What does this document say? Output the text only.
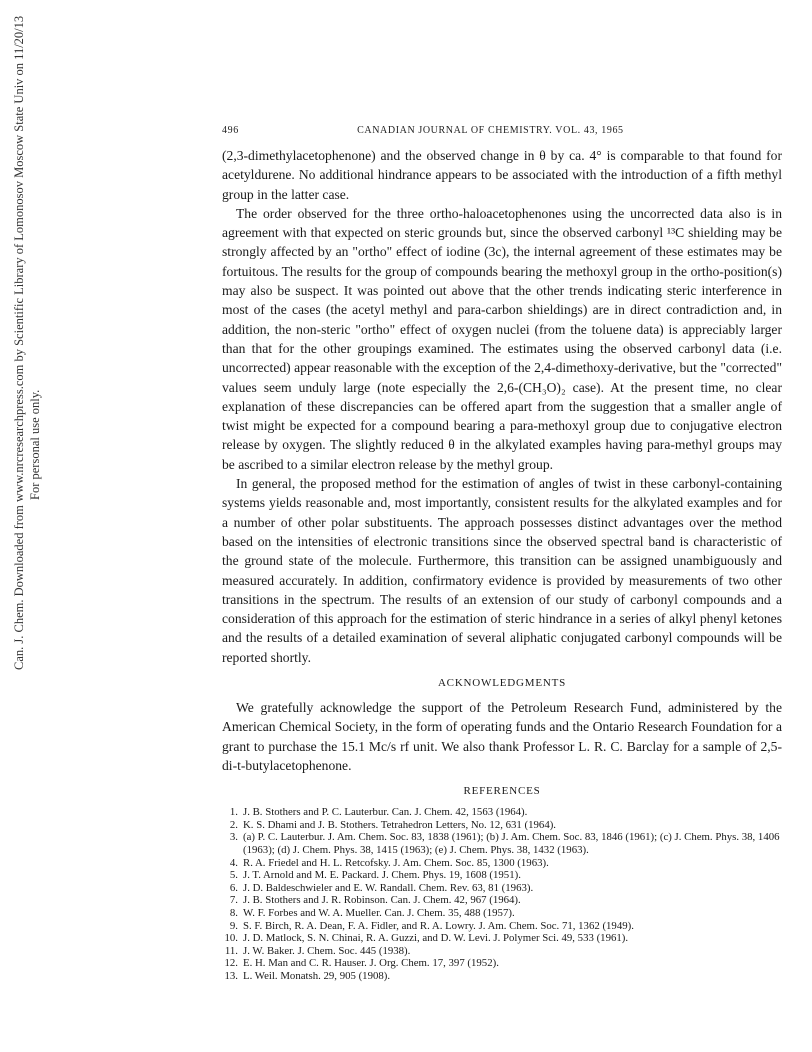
Can. J. Chem. Downloaded from www.nrcresearchpress.com by Scientific Library of Lomonosov Moscow State Univ on 11/20/13 For personal use only.
496	CANADIAN JOURNAL OF CHEMISTRY. VOL. 43, 1965

(2,3-dimethylacetophenone) and the observed change in θ by ca. 4° is comparable to that found for acetyldurene. No additional hindrance appears to be associated with the introduction of a fifth methyl group in the latter case.

The order observed for the three ortho-haloacetophenones using the uncorrected data also is in agreement with that expected on steric grounds but, since the observed carbonyl ¹³C shielding may be strongly affected by an "ortho" effect of iodine (3c), the internal agreement of these estimates may be fortuitous. The results for the group of compounds bearing the methoxyl group in the ortho-position(s) may also be suspect. It was pointed out above that the other trends indicating steric interference in most of the cases (the acetyl methyl and para-carbon shieldings) are in direct contradiction and, in addition, the non-steric "ortho" effect of oxygen nuclei (from the toluene data) is appreciably larger than that for the other groupings examined. The estimates using the observed carbonyl data (i.e. uncorrected) appear reasonable with the exception of the 2,4-dimethoxy-derivative, but the "corrected" values seem unduly large (note especially the 2,6-(CH₃O)₂ case). At the present time, no clear explanation of these discrepancies can be offered apart from the suggestion that a smaller angle of twist might be expected for a compound bearing a para-methoxyl group due to conjugative electron release by oxygen. The slightly reduced θ in the alkylated examples having para-methyl groups may be ascribed to a similar electron release by the methyl group.

In general, the proposed method for the estimation of angles of twist in these carbonyl-containing systems yields reasonable and, most importantly, consistent results for the alkylated examples and for a number of other polar substituents. The approach possesses distinct advantages over the method based on the intensities of electronic transitions since the observed spectral band is characteristic of the ground state of the molecule. Furthermore, this transition can be assigned unambiguously and measured accurately. In addition, confirmatory evidence is provided by measurements of two other transitions in the spectrum. The results of an extension of our study of carbonyl compounds and a consideration of this approach for the estimation of steric hindrance in a series of alkyl phenyl ketones and the results of a detailed examination of several aliphatic conjugated carbonyl compounds will be reported shortly.

ACKNOWLEDGMENTS

We gratefully acknowledge the support of the Petroleum Research Fund, administered by the American Chemical Society, in the form of operating funds and the Ontario Research Foundation for a grant to purchase the 15.1 Mc/s rf unit. We also thank Professor L. R. C. Barclay for a sample of 2,5-di-t-butylacetophenone.

REFERENCES
1. J. B. Stothers and P. C. Lauterbur. Can. J. Chem. 42, 1563 (1964).
2. K. S. Dhami and J. B. Stothers. Tetrahedron Letters, No. 12, 631 (1964).
3. (a) P. C. Lauterbur. J. Am. Chem. Soc. 83, 1838 (1961); (b) J. Am. Chem. Soc. 83, 1846 (1961); (c) J. Chem. Phys. 38, 1406 (1963); (d) J. Chem. Phys. 38, 1415 (1963); (e) J. Chem. Phys. 38, 1432 (1963).
4. R. A. Friedel and H. L. Retcofsky. J. Am. Chem. Soc. 85, 1300 (1963).
5. J. T. Arnold and M. E. Packard. J. Chem. Phys. 19, 1608 (1951).
6. J. D. Baldeschwieler and E. W. Randall. Chem. Rev. 63, 81 (1963).
7. J. B. Stothers and J. R. Robinson. Can. J. Chem. 42, 967 (1964).
8. W. F. Forbes and W. A. Mueller. Can. J. Chem. 35, 488 (1957).
9. S. F. Birch, R. A. Dean, F. A. Fidler, and R. A. Lowry. J. Am. Chem. Soc. 71, 1362 (1949).
10. J. D. Matlock, S. N. Chinai, R. A. Guzzi, and D. W. Levi. J. Polymer Sci. 49, 533 (1961).
11. J. W. Baker. J. Chem. Soc. 445 (1938).
12. E. H. Man and C. R. Hauser. J. Org. Chem. 17, 397 (1952).
13. L. Weil. Monatsh. 29, 905 (1908).
